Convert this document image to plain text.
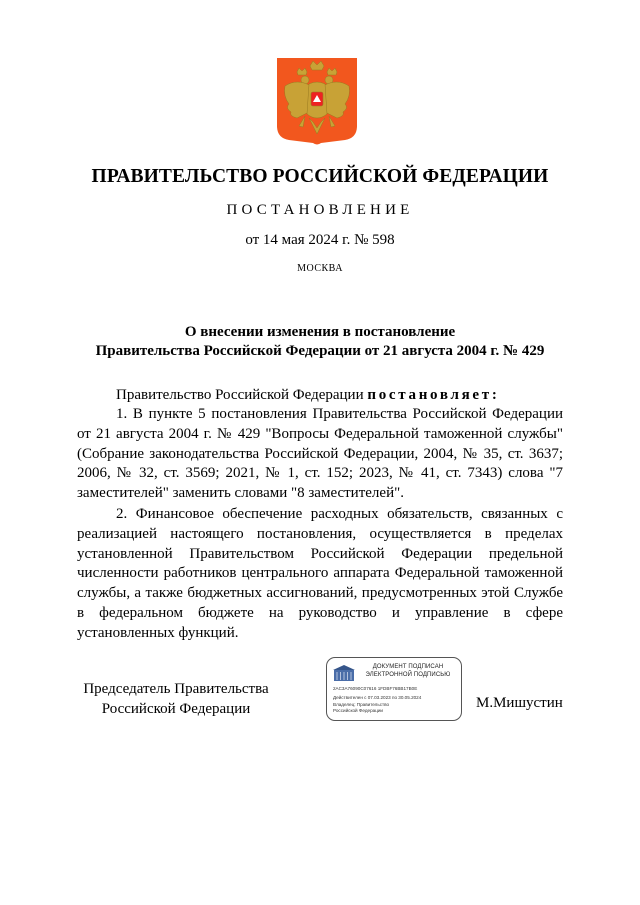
ПРАВИТЕЛЬСТВО РОССИЙСКОЙ ФЕДЕРАЦИИ
ПОСТАНОВЛЕНИЕ
от 14 мая 2024 г. № 598
МОСКВА
О внесении изменения в постановление
Правительства Российской Федерации от 21 августа 2004 г. № 429
Правительство Российской Федерации постановляет:
1. В пункте 5 постановления Правительства Российской Федерации от 21 августа 2004 г. № 429 "Вопросы Федеральной таможенной службы" (Собрание законодательства Российской Федерации, 2004, № 35, ст. 3637; 2006, № 32, ст. 3569; 2021, № 1, ст. 152; 2023, № 41, ст. 7343) слова "7 заместителей" заменить словами "8 заместителей".
2. Финансовое обеспечение расходных обязательств, связанных с реализацией настоящего постановления, осуществляется в пределах установленной Правительством Российской Федерации предельной численности работников центрального аппарата Федеральной таможенной службы, а также бюджетных ассигнований, предусмотренных этой Службе в федеральном бюджете на руководство и управление в сфере установленных функций.
Председатель Правительства
Российской Федерации
ДОКУМЕНТ ПОДПИСАН
ЭЛЕКТРОННОЙ ПОДПИСЬЮ
2AC3A76090C07616 1FDBF76BB17B0E
Действителен с 07.03.2023 по 30.05.2024
Владелец: Правительство Российской Федерации	М.Мишустин
